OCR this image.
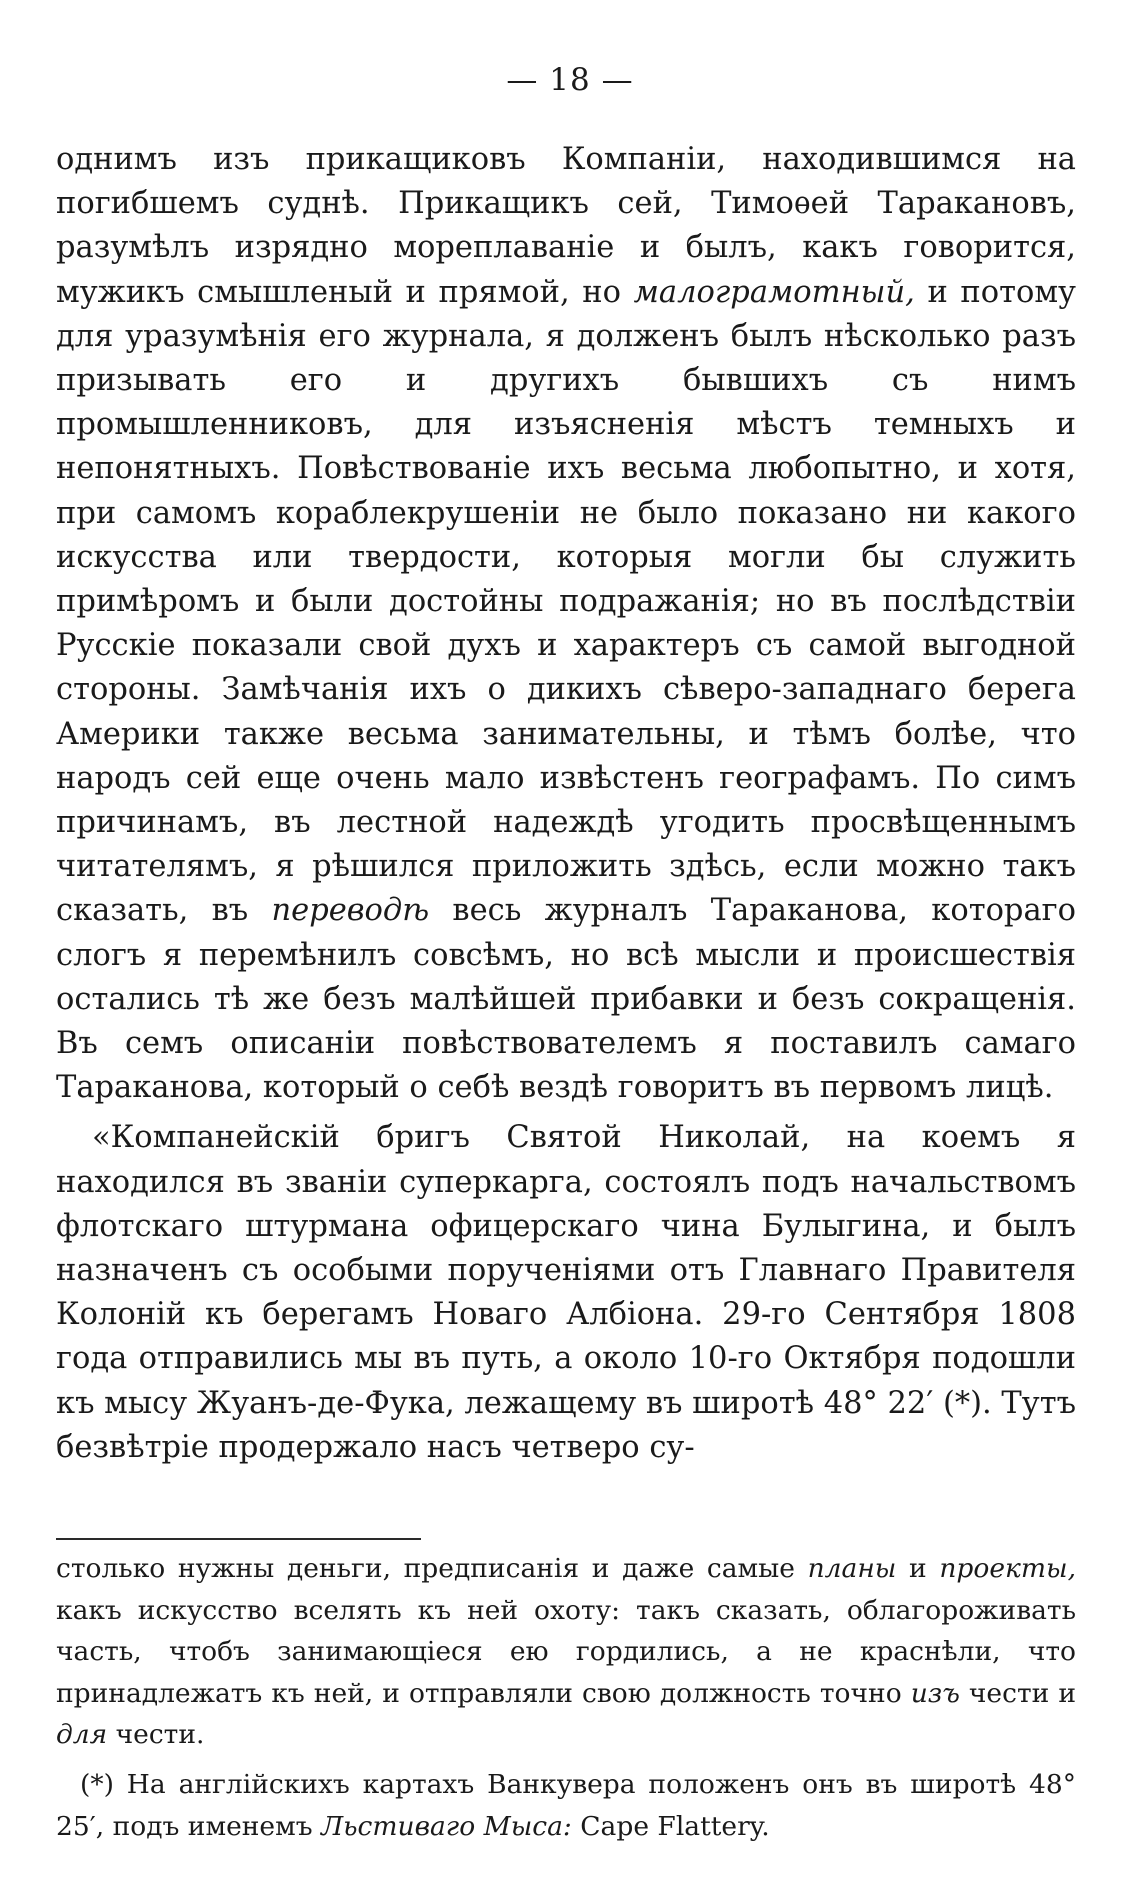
— 18 —

однимъ изъ прикащиковъ Компаніи, находившимся на погибшемъ суднѣ. Прикащикъ сей, Тимоѳей Таракановъ, разумѣлъ изрядно мореплаваніе и былъ, какъ говорится, мужикъ смышленый и прямой, но малограмотный, и потому для уразумѣнія его журнала, я долженъ былъ нѣсколько разъ призывать его и другихъ бывшихъ съ нимъ промышленниковъ, для изъясненія мѣстъ темныхъ и непонятныхъ. Повѣствованіе ихъ весьма любопытно, и хотя, при самомъ кораблекрушеніи не было показано ни какого искусства или твердости, которыя могли бы служить примѣромъ и были достойны подражанія; но въ послѣдствіи Русскіе показали свой духъ и характеръ съ самой выгодной стороны. Замѣчанія ихъ о дикихъ сѣверо-западнаго берега Америки также весьма занимательны, и тѣмъ болѣе, что народъ сей еще очень мало извѣстенъ географамъ. По симъ причинамъ, въ лестной надеждѣ угодить просвѣщеннымъ читателямъ, я рѣшился приложить здѣсь, если можно такъ сказать, въ переводѣ весь журналъ Тараканова, котораго слогъ я перемѣнилъ совсѣмъ, но всѣ мысли и происшествія остались тѣ же безъ малѣйшей прибавки и безъ сокращенія. Въ семъ описаніи повѣствователемъ я поставилъ самаго Тараканова, который о себѣ вездѣ говоритъ въ первомъ лицѣ.

«Компанейскій бригъ Святой Николай, на коемъ я находился въ званіи суперкарга, состоялъ подъ начальствомъ флотскаго штурмана офицерскаго чина Булыгина, и былъ назначенъ съ особыми порученіями отъ Главнаго Правителя Колоній къ берегамъ Новаго Албіона. 29-го Сентября 1808 года отправились мы въ путь, а около 10-го Октября подошли къ мысу Жуанъ-де-Фука, лежащему въ широтѣ 48° 22′ (*). Тутъ безвѣтріе продержало насъ четверо су-

столько нужны деньги, предписанія и даже самые планы и проекты, какъ искусство вселять къ ней охоту: такъ сказать, облагороживать часть, чтобъ занимающіеся ею гордились, а не краснѣли, что принадлежатъ къ ней, и отправляли свою должность точно изъ чести и для чести.

(*) На англійскихъ картахъ Ванкувера положенъ онъ въ широтѣ 48° 25′, подъ именемъ Льстиваго Мыса: Cape Flattery.
